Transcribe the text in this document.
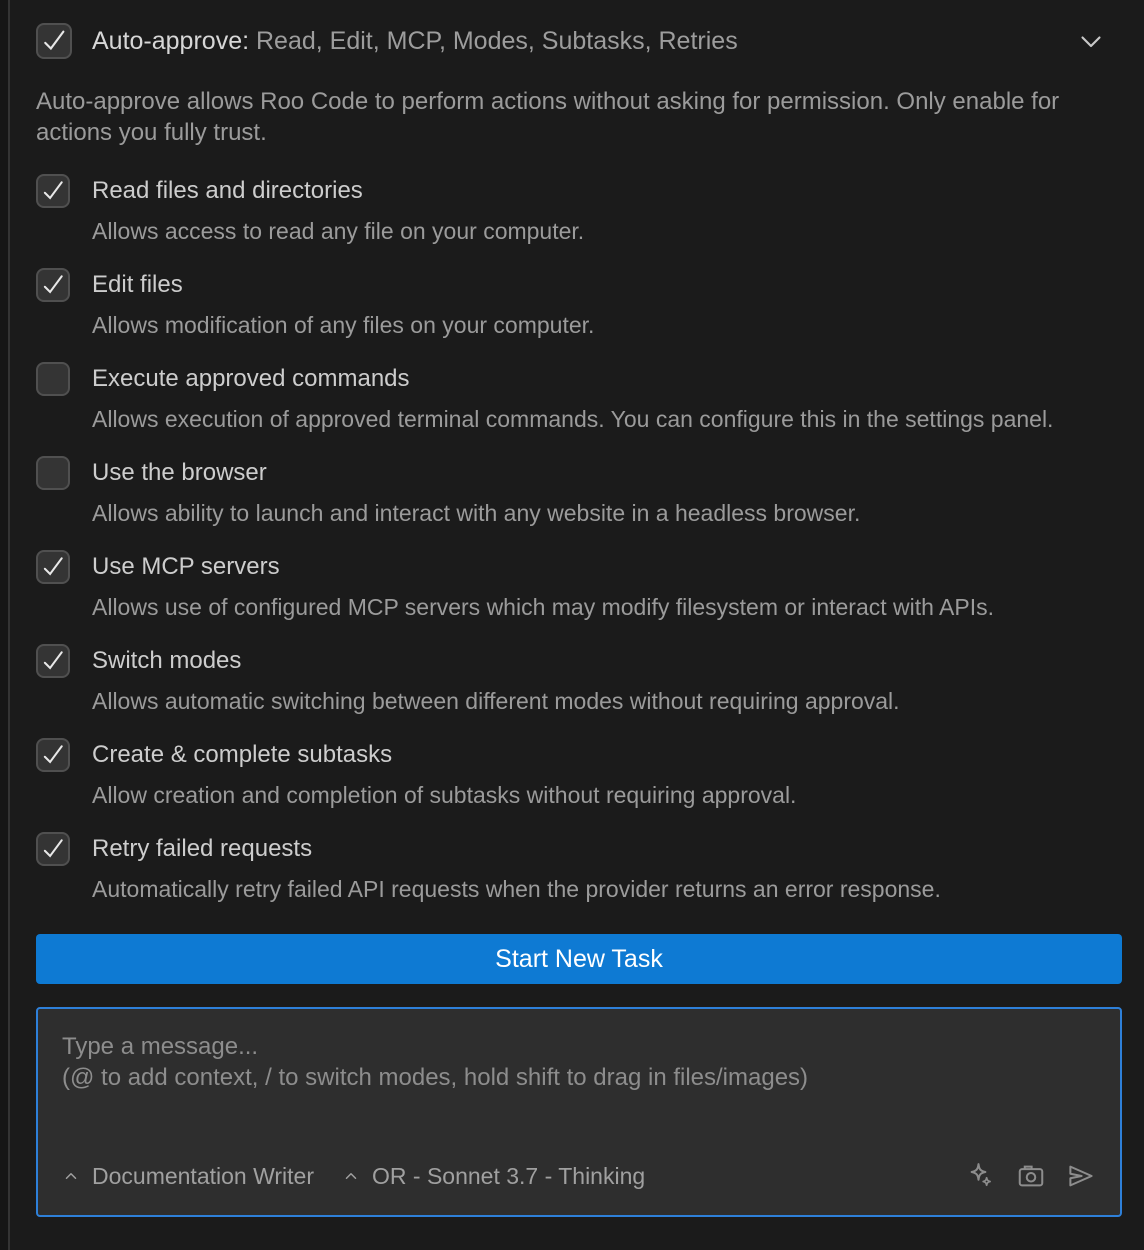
Auto-approve: Read, Edit, MCP, Modes, Subtasks, Retries

Auto-approve allows Roo Code to perform actions without asking for permission. Only enable for actions you fully trust.

Read files and directories
Allows access to read any file on your computer.
Edit files
Allows modification of any files on your computer.
Execute approved commands
Allows execution of approved terminal commands. You can configure this in the settings panel.
Use the browser
Allows ability to launch and interact with any website in a headless browser.
Use MCP servers
Allows use of configured MCP servers which may modify filesystem or interact with APIs.
Switch modes
Allows automatic switching between different modes without requiring approval.
Create & complete subtasks
Allow creation and completion of subtasks without requiring approval.
Retry failed requests
Automatically retry failed API requests when the provider returns an error response.
Start New Task
Type a message...
(@ to add context, / to switch modes, hold shift to drag in files/images)
Documentation Writer	OR - Sonnet 3.7 - Thinking
